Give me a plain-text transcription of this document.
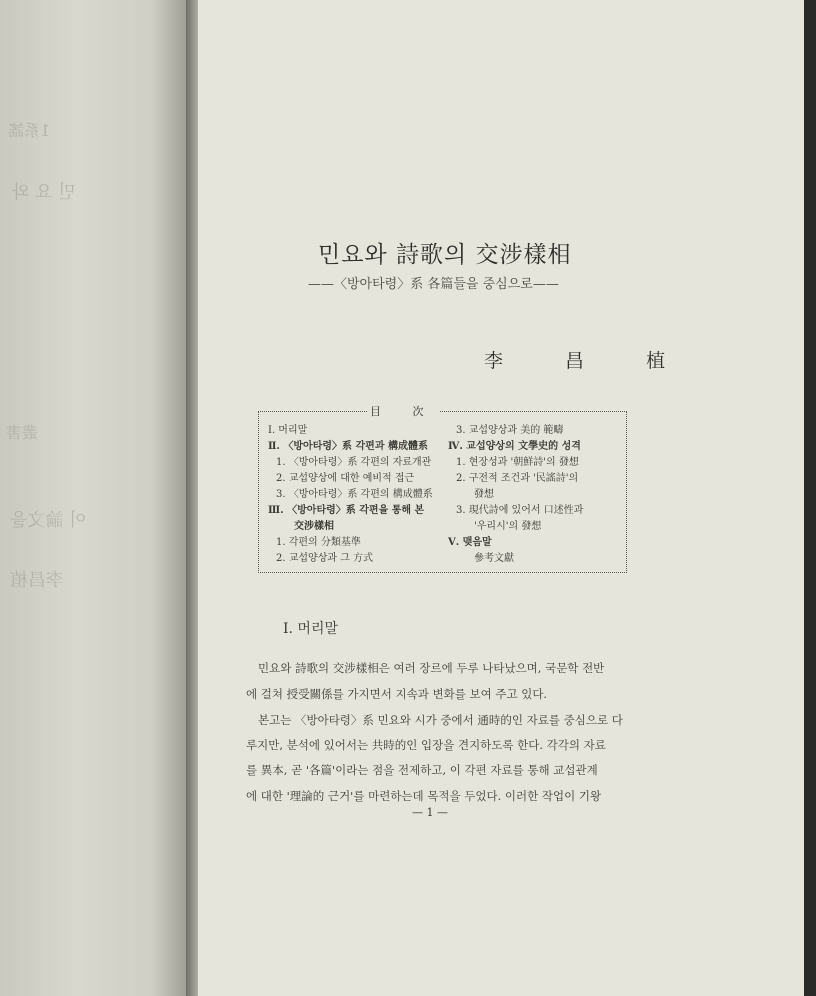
1系謠
민 요 와
叢書
이 論文을
李昌植
민요와 詩歌의 交涉樣相
——〈방아타령〉系 各篇들을 중심으로——
李 昌 植
目 次
Ⅰ. 머리말
Ⅱ. 〈방아타령〉系 각편과 構成體系
1. 〈방아타령〉系 각편의 자료개관
2. 교섭양상에 대한 예비적 접근
3. 〈방아타령〉系 각편의 構成體系
Ⅲ. 〈방아타령〉系 각편을 통해 본
交涉樣相
1. 각편의 分類基準
2. 교섭양상과 그 方式
3. 교섭양상과 美的 範疇
Ⅳ. 교섭양상의 文學史的 성격
1. 현장성과 '朝鮮詩'의 發想
2. 구전적 조건과 '民謠詩'의
發想
3. 現代詩에 있어서 口述性과
'우리시'의 發想
Ⅴ. 맺음말
參考文獻
Ⅰ. 머리말
민요와 詩歌의 交涉樣相은 여러 장르에 두루 나타났으며, 국문학 전반
에 걸쳐 授受關係를 가지면서 지속과 변화를 보여 주고 있다.
본고는 〈방아타령〉系 민요와 시가 중에서 通時的인 자료를 중심으로 다
루지만, 분석에 있어서는 共時的인 입장을 견지하도록 한다. 각각의 자료
를 異本, 곧 '各篇'이라는 점을 전제하고, 이 각편 자료를 통해 교섭관계
에 대한 '理論的 근거'를 마련하는데 목적을 두었다. 이러한 작업이 기왕
— 1 —
